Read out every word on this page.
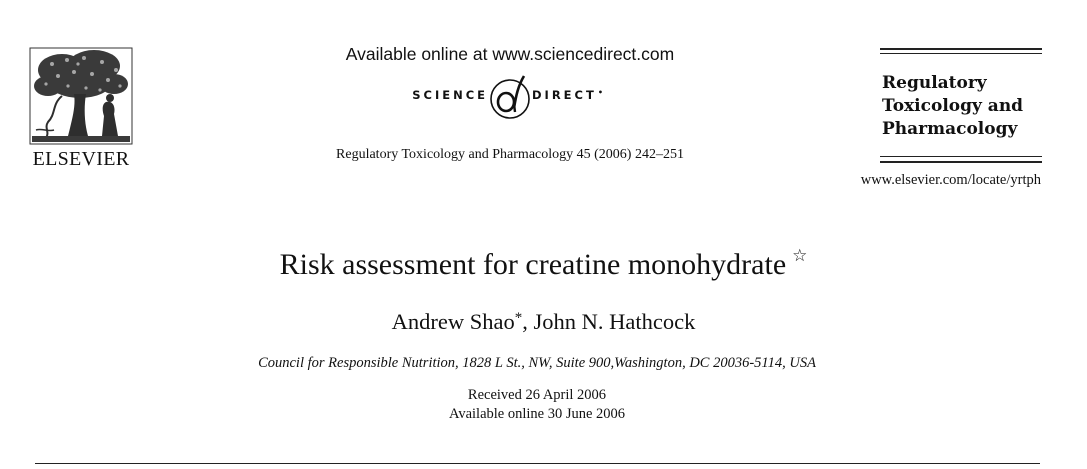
ELSEVIER
Available online at www.sciencedirect.com
SCIENCE	DIRECT•
Regulatory Toxicology and Pharmacology 45 (2006) 242–251
Regulatory
Toxicology and
Pharmacology
www.elsevier.com/locate/yrtph
Risk assessment for creatine monohydrate ☆
Andrew Shao*, John N. Hathcock
Council for Responsible Nutrition, 1828 L St., NW, Suite 900,Washington, DC 20036-5114, USA
Received 26 April 2006
Available online 30 June 2006
